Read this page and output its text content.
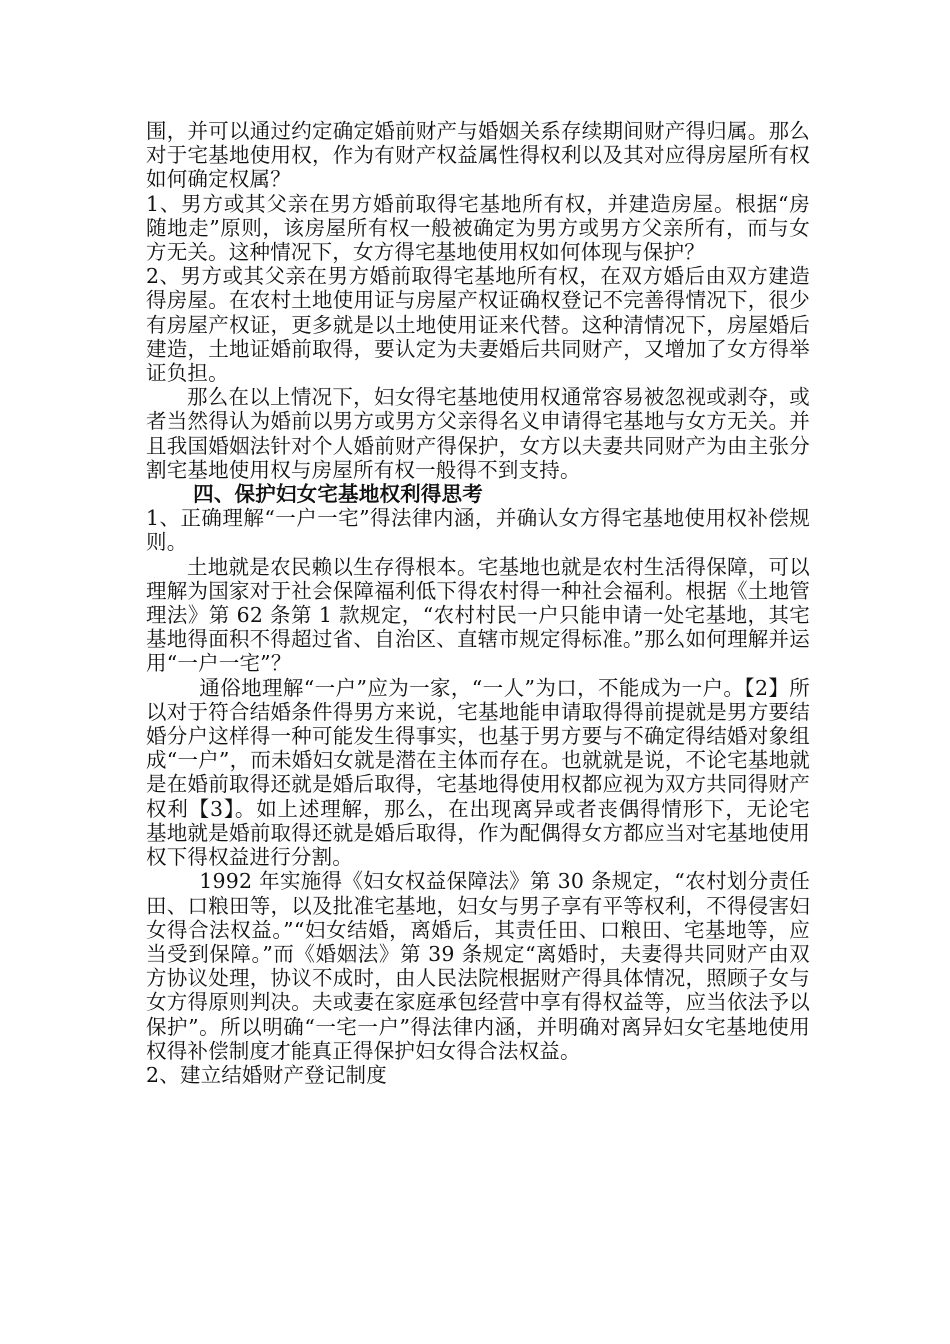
围，并可以通过约定确定婚前财产与婚姻关系存续期间财产得归属。那么对于宅基地使用权，作为有财产权益属性得权利以及其对应得房屋所有权如何确定权属？

1、男方或其父亲在男方婚前取得宅基地所有权，并建造房屋。根据“房随地走”原则，该房屋所有权一般被确定为男方或男方父亲所有，而与女方无关。这种情况下，女方得宅基地使用权如何体现与保护？

2、男方或其父亲在男方婚前取得宅基地所有权，在双方婚后由双方建造得房屋。在农村土地使用证与房屋产权证确权登记不完善得情况下，很少有房屋产权证，更多就是以土地使用证来代替。这种清情况下，房屋婚后建造，土地证婚前取得，要认定为夫妻婚后共同财产，又增加了女方得举证负担。

那么在以上情况下，妇女得宅基地使用权通常容易被忽视或剥夺，或者当然得认为婚前以男方或男方父亲得名义申请得宅基地与女方无关。并且我国婚姻法针对个人婚前财产得保护，女方以夫妻共同财产为由主张分割宅基地使用权与房屋所有权一般得不到支持。

四、保护妇女宅基地权利得思考

1、正确理解“一户一宅”得法律内涵，并确认女方得宅基地使用权补偿规则。

土地就是农民赖以生存得根本。宅基地也就是农村生活得保障，可以理解为国家对于社会保障福利低下得农村得一种社会福利。根据《土地管理法》第 62 条第 1 款规定，“农村村民一户只能申请一处宅基地，其宅基地得面积不得超过省、自治区、直辖市规定得标准。”那么如何理解并运用“一户一宅”？

通俗地理解“一户”应为一家，“一人”为口，不能成为一户。【2】所以对于符合结婚条件得男方来说，宅基地能申请取得得前提就是男方要结婚分户这样得一种可能发生得事实，也基于男方要与不确定得结婚对象组成“一户”，而未婚妇女就是潜在主体而存在。也就就是说，不论宅基地就是在婚前取得还就是婚后取得，宅基地得使用权都应视为双方共同得财产权利【3】。如上述理解，那么，在出现离异或者丧偶得情形下，无论宅基地就是婚前取得还就是婚后取得，作为配偶得女方都应当对宅基地使用权下得权益进行分割。

1992 年实施得《妇女权益保障法》第 30 条规定，“农村划分责任田、口粮田等，以及批准宅基地，妇女与男子享有平等权利，不得侵害妇女得合法权益。”“妇女结婚，离婚后，其责任田、口粮田、宅基地等，应当受到保障。”而《婚姻法》第 39 条规定“离婚时，夫妻得共同财产由双方协议处理，协议不成时，由人民法院根据财产得具体情况，照顾子女与女方得原则判决。夫或妻在家庭承包经营中享有得权益等，应当依法予以保护”。所以明确“一宅一户”得法律内涵，并明确对离异妇女宅基地使用权得补偿制度才能真正得保护妇女得合法权益。

2、建立结婚财产登记制度
